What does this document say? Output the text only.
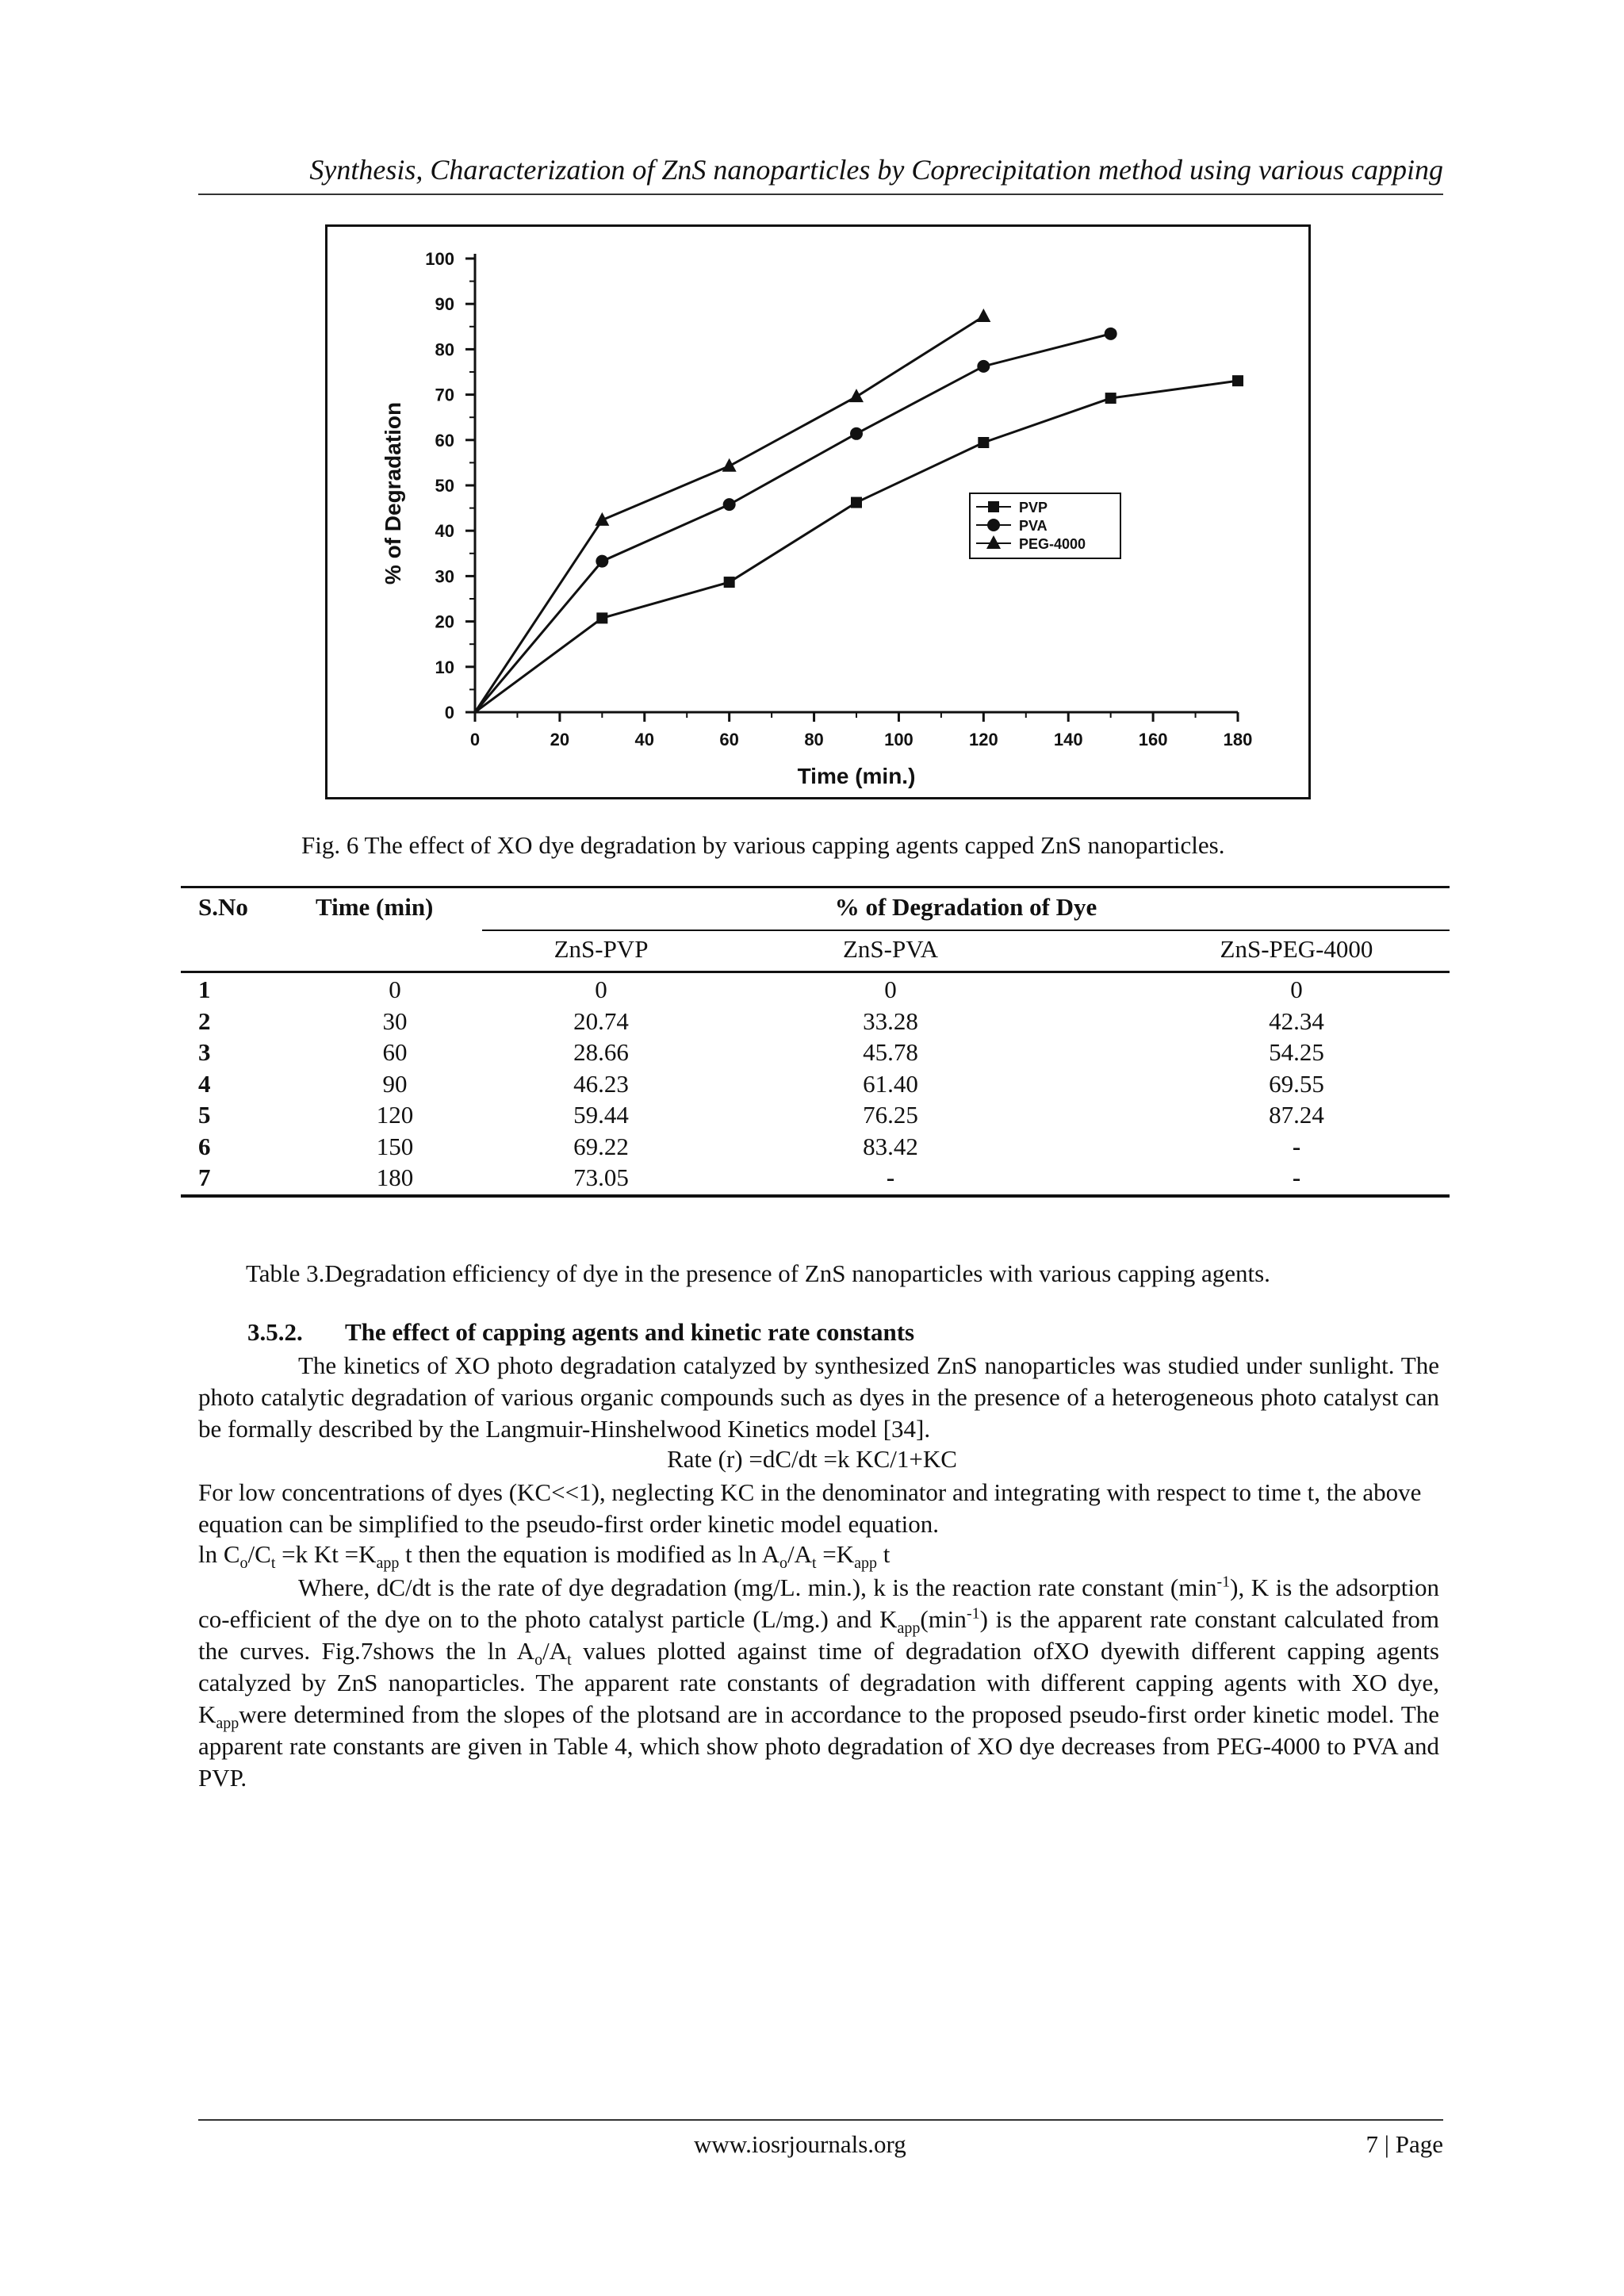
Synthesis, Characterization of ZnS nanoparticles by Coprecipitation method using various capping
0
10
20
30
40
50
60
70
80
90
100
0	20	40	60	80	100	120	140	160	180
Time (min.)
% of Degradation	PVP
PVA
PEG-4000
Fig. 6 The effect of XO dye degradation by various capping agents capped ZnS nanoparticles.
S.No	Time (min)	% of Degradation of Dye
ZnS-PVP	ZnS-PVA	ZnS-PEG-4000
1	0	0	0	0
2	30	20.74	33.28	42.34
3	60	28.66	45.78	54.25
4	90	46.23	61.40	69.55
5	120	59.44	76.25	87.24
6	150	69.22	83.42	-
7	180	73.05	-	-
Table 3.Degradation efficiency of dye in the presence of ZnS nanoparticles with various capping agents.
3.5.2. The effect of capping agents and kinetic rate constants
The kinetics of XO photo degradation catalyzed by synthesized ZnS nanoparticles was studied under sunlight. The photo catalytic degradation of various organic compounds such as dyes in the presence of a heterogeneous photo catalyst can be formally described by the Langmuir-Hinshelwood Kinetics model [34].
Rate (r) =dC/dt =k KC/1+KC
For low concentrations of dyes (KC<<1), neglecting KC in the denominator and integrating with respect to time t, the above equation can be simplified to the pseudo-first order kinetic model equation.
$\ln C_o/C_t =k$ $Kt =K_{app}$ t then the equation is modified as $\ln A_o/A_t =K_{app}$ t
Where, dC/dt is the rate of dye degradation (mg/L. min.), k is the reaction rate constant $(\min^{-1})$, K is the adsorption co-efficient of the dye on to the photo catalyst particle (L/mg.) and $K_{app}(\min^{-1})$ is the apparent rate constant calculated from the curves. Fig.7shows the $\ln A_o/A_t$ values plotted against time of degradation ofXO dyewith different capping agents catalyzed by ZnS nanoparticles. The apparent rate constants of degradation with different capping agents with XO dye, $K_{app}were$ determined from the slopes of the plotsand are in accordance to the proposed pseudo-first order kinetic model. The apparent rate constants are given in Table 4, which show photo degradation of XO dye decreases from PEG-4000 to PVA and PVP.
www.iosrjournals.org	7 | Page
